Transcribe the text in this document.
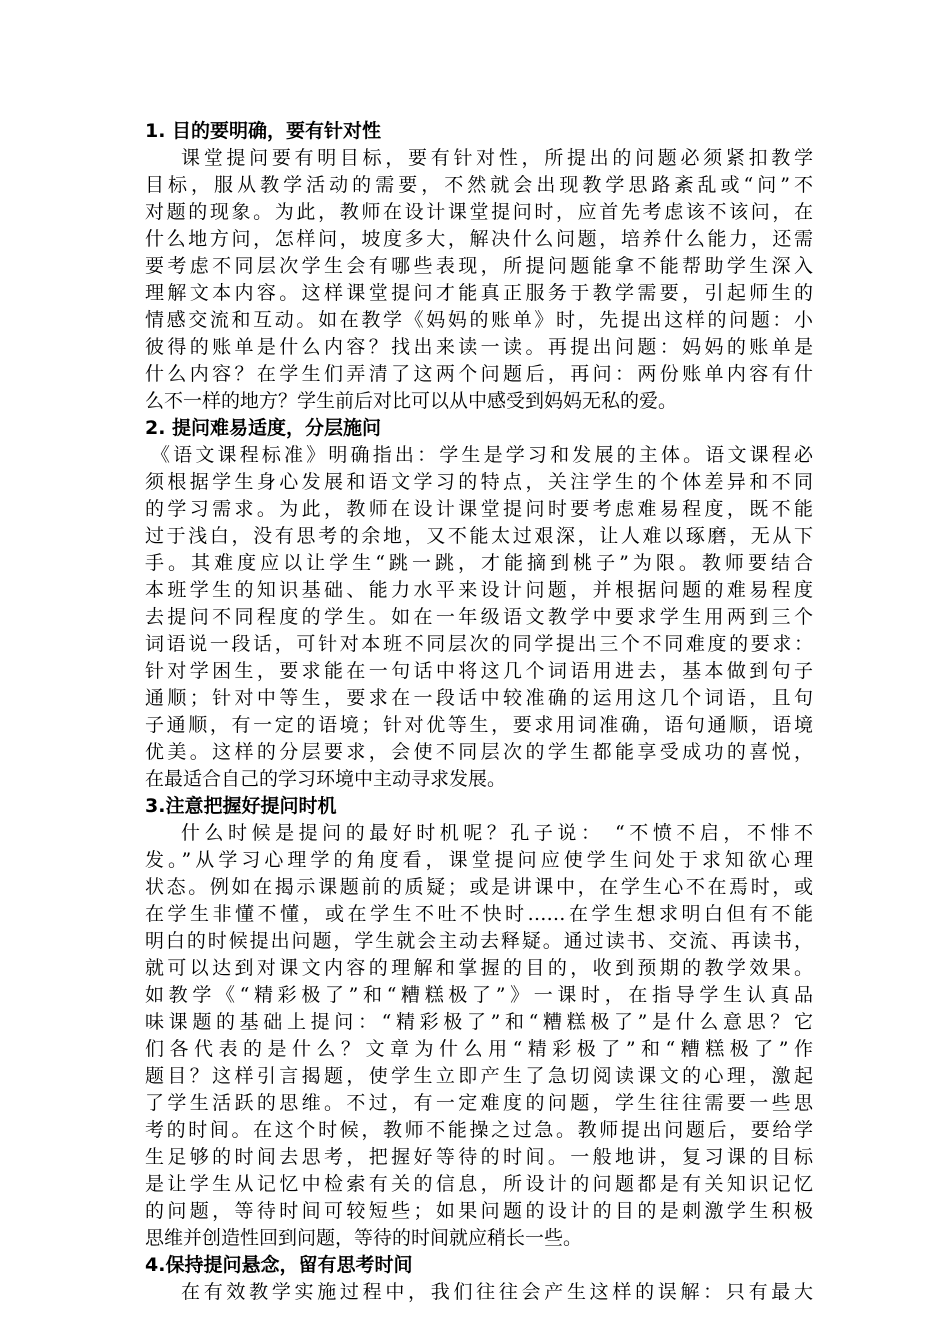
1. 目的要明确，要有针对性
课堂提问要有明目标，要有针对性，所提出的问题必须紧扣教学
目标，服从教学活动的需要，不然就会出现教学思路紊乱或“问”不
对题的现象。为此，教师在设计课堂提问时，应首先考虑该不该问，在
什么地方问，怎样问，坡度多大，解决什么问题，培养什么能力，还需
要考虑不同层次学生会有哪些表现，所提问题能拿不能帮助学生深入
理解文本内容。这样课堂提问才能真正服务于教学需要，引起师生的
情感交流和互动。如在教学《妈妈的账单》时，先提出这样的问题：小
彼得的账单是什么内容？找出来读一读。再提出问题：妈妈的账单是
什么内容？在学生们弄清了这两个问题后，再问：两份账单内容有什
么不一样的地方？学生前后对比可以从中感受到妈妈无私的爱。
2. 提问难易适度，分层施问
《语文课程标准》明确指出：学生是学习和发展的主体。语文课程必
须根据学生身心发展和语文学习的特点，关注学生的个体差异和不同
的学习需求。为此，教师在设计课堂提问时要考虑难易程度，既不能
过于浅白，没有思考的余地，又不能太过艰深，让人难以琢磨，无从下
手。其难度应以让学生“跳一跳，才能摘到桃子”为限。教师要结合
本班学生的知识基础、能力水平来设计问题，并根据问题的难易程度
去提问不同程度的学生。如在一年级语文教学中要求学生用两到三个
词语说一段话，可针对本班不同层次的同学提出三个不同难度的要求：
针对学困生，要求能在一句话中将这几个词语用进去，基本做到句子
通顺；针对中等生，要求在一段话中较准确的运用这几个词语，且句
子通顺，有一定的语境；针对优等生，要求用词准确，语句通顺，语境
优美。这样的分层要求，会使不同层次的学生都能享受成功的喜悦，
在最适合自己的学习环境中主动寻求发展。
3.注意把握好提问时机
什么时候是提问的最好时机呢？孔子说： “不愤不启，不悱不
发。”从学习心理学的角度看，课堂提问应使学生问处于求知欲心理
状态。例如在揭示课题前的质疑；或是讲课中，在学生心不在焉时，或
在学生非懂不懂，或在学生不吐不快时……在学生想求明白但有不能
明白的时候提出问题，学生就会主动去释疑。通过读书、交流、再读书，
就可以达到对课文内容的理解和掌握的目的，收到预期的教学效果。
如教学《“精彩极了”和“糟糕极了”》一课时，在指导学生认真品
味课题的基础上提问：“精彩极了”和“糟糕极了”是什么意思？它
们各代表的是什么？文章为什么用“精彩极了”和“糟糕极了”作
题目？这样引言揭题，使学生立即产生了急切阅读课文的心理，激起
了学生活跃的思维。不过，有一定难度的问题，学生往往需要一些思
考的时间。在这个时候，教师不能操之过急。教师提出问题后，要给学
生足够的时间去思考，把握好等待的时间。一般地讲，复习课的目标
是让学生从记忆中检索有关的信息，所设计的问题都是有关知识记忆
的问题，等待时间可较短些；如果问题的设计的目的是刺激学生积极
思维并创造性回到问题，等待的时间就应稍长一些。
4.保持提问悬念，留有思考时间
在有效教学实施过程中，我们往往会产生这样的误解：只有最大
